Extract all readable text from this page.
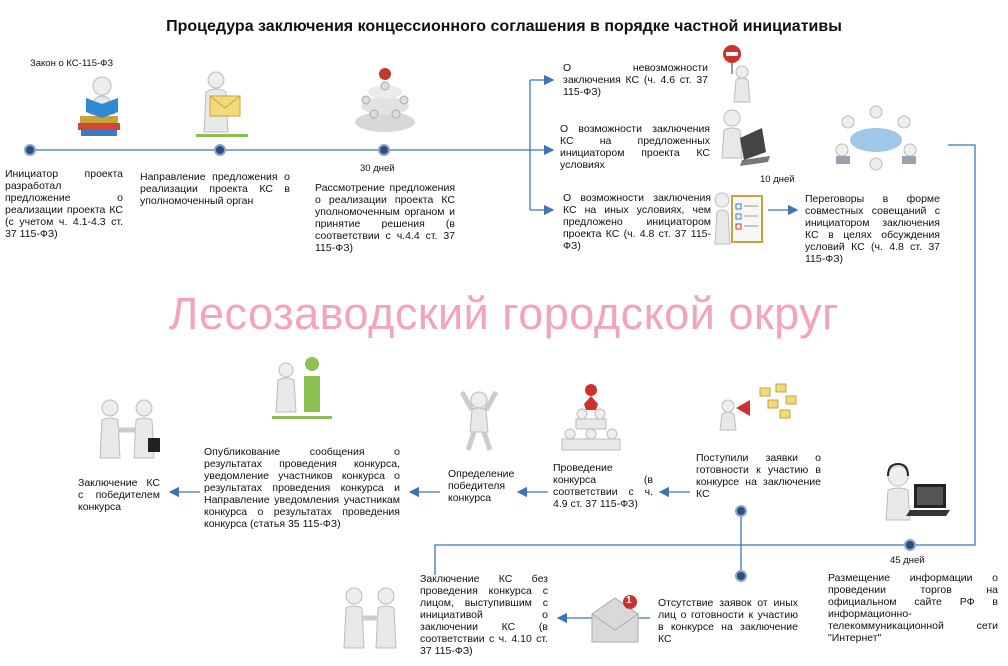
Процедура заключения концессионного соглашения в порядке частной инициативы
Закон о КС-115-ФЗ
30 дней
10 дней
45 дней
Инициатор проекта разработал предложение о реализации проекта КС (с учетом ч. 4.1-4.3 ст. 37 115-ФЗ)
Направление предложения о реализации проекта КС в уполномоченный орган
Рассмотрение предложения о реализации проекта КС уполномоченным органом и принятие решения (в соответствии с ч.4.4 ст. 37 115-ФЗ)
О невозможности заключения КС (ч. 4.6 ст. 37 115-ФЗ)
О возможности заключения КС на предложенных инициатором проекта КС условиях
О возможности заключения КС на иных условиях, чем предложено инициатором проекта КС (ч. 4.8 ст. 37 115-ФЗ)
Переговоры в форме совместных совещаний с инициатором заключения КС в целях обсуждения условий КС (ч. 4.8 ст. 37 115-ФЗ)
Размещение информации о проведении торгов на официальном сайте РФ в информационно-телекоммуникационной сети "Интернет"
Поступили заявки о готовности к участию в конкурсе на заключение КС
Проведение конкурса (в соответствии с ч. 4.9 ст. 37 115-ФЗ)
Определение победителя конкурса
Опубликование сообщения о результатах проведения конкурса, уведомление участников конкурса о результатах проведения конкурса и Направление уведомления участникам конкурса о результатах проведения конкурса (статья 35 115-ФЗ)
Заключение КС с победителем конкурса
Отсутствие заявок от иных лиц о готовности к участию в конкурсе на заключение КС
Заключение КС без проведения конкурса с лицом, выступившим с инициативой о заключении КС (в соответствии с ч. 4.10 ст. 37 115-ФЗ)
Лесозаводский городской округ
1
